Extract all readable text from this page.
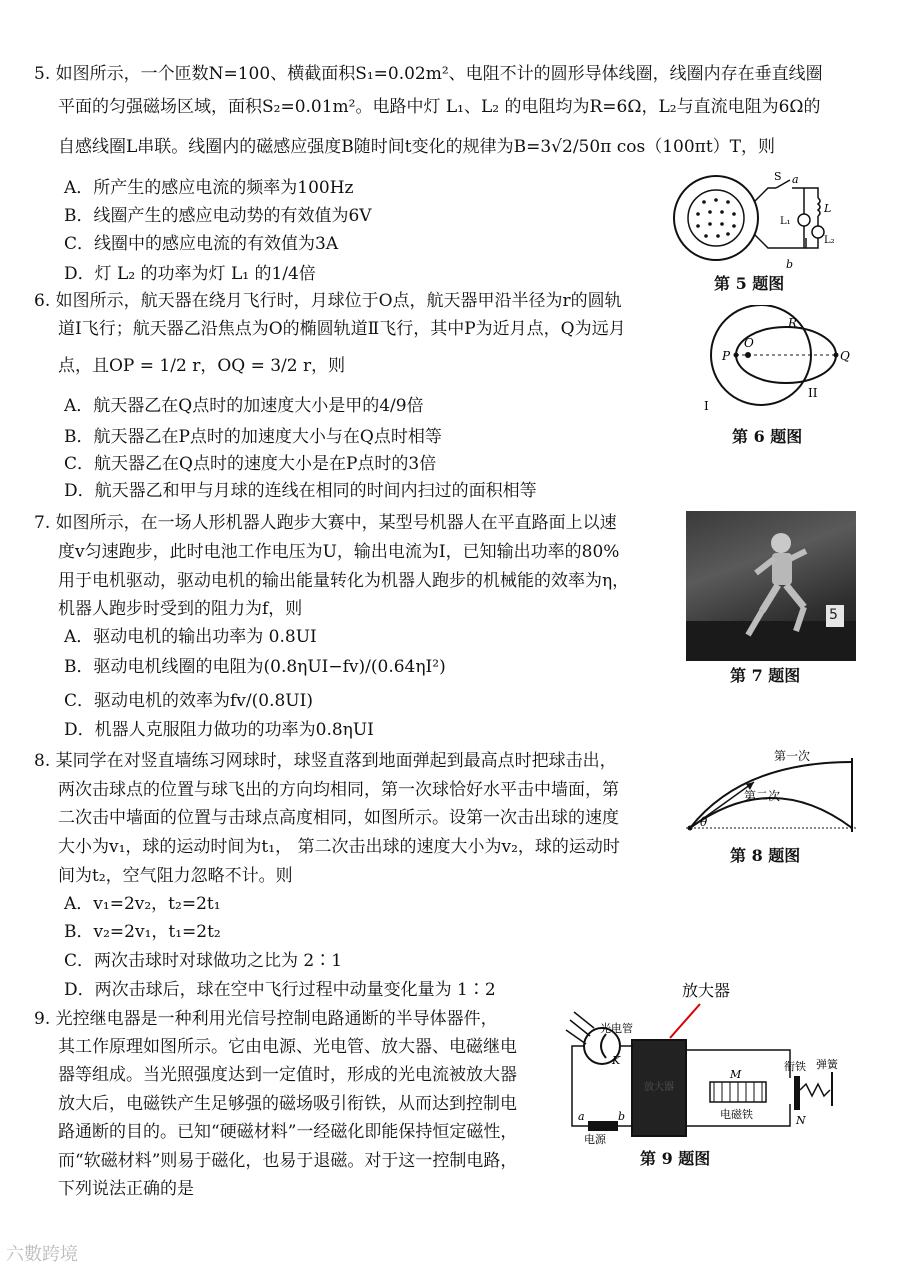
5. 如图所示，一个匝数N=100、横截面积S₁=0.02m²、电阻不计的圆形导体线圈，线圈内存在垂直线圈
平面的匀强磁场区域，面积S₂=0.01m²。电路中灯 L₁、L₂ 的电阻均为R=6Ω，L₂与直流电阻为6Ω的
自感线圈L串联。线圈内的磁感应强度B随时间t变化的规律为B=3√2/50π cos（100πt）T，则
A．所产生的感应电流的频率为100Hz
B．线圈产生的感应电动势的有效值为6V
C．线圈中的感应电流的有效值为3A
D．灯 L₂ 的功率为灯 L₁ 的1/4倍
S a
L
L₂
L₁
b
第 5 题图
6. 如图所示，航天器在绕月飞行时，月球位于O点，航天器甲沿半径为r的圆轨
道Ⅰ飞行；航天器乙沿焦点为O的椭圆轨道Ⅱ飞行，其中P为近月点，Q为远月
点，且OP = 1/2 r，OQ = 3/2 r，则
A．航天器乙在Q点时的加速度大小是甲的4/9倍
B．航天器乙在P点时的加速度大小与在Q点时相等
C．航天器乙在Q点时的速度大小是在P点时的3倍
D．航天器乙和甲与月球的连线在相同的时间内扫过的面积相等
P
O
Q
R
I
II
第 6 题图
7. 如图所示，在一场人形机器人跑步大赛中，某型号机器人在平直路面上以速
度v匀速跑步，此时电池工作电压为U，输出电流为I，已知输出功率的80%
用于电机驱动，驱动电机的输出能量转化为机器人跑步的机械能的效率为η，
机器人跑步时受到的阻力为f，则
A．驱动电机的输出功率为 0.8UI
B．驱动电机线圈的电阻为(0.8ηUI−fv)/(0.64ηI²)
C．驱动电机的效率为fv/(0.8UI)
D．机器人克服阻力做功的功率为0.8ηUI
5
第 7 题图
8. 某同学在对竖直墙练习网球时，球竖直落到地面弹起到最高点时把球击出，
两次击球点的位置与球飞出的方向均相同，第一次球恰好水平击中墙面，第
二次击中墙面的位置与击球点高度相同，如图所示。设第一次击出球的速度
大小为v₁，球的运动时间为t₁， 第二次击出球的速度大小为v₂，球的运动时
间为t₂，空气阻力忽略不计。则
A．v₁=2v₂，t₂=2t₁
B．v₂=2v₁，t₁=2t₂
C．两次击球时对球做功之比为 2∶1
D．两次击球后，球在空中飞行过程中动量变化量为 1∶2
第一次
第二次
θ
第 8 题图
9. 光控继电器是一种利用光信号控制电路通断的半导体器件，
其工作原理如图所示。它由电源、光电管、放大器、电磁继电
器等组成。当光照强度达到一定值时，形成的光电流被放大器
放大后，电磁铁产生足够强的磁场吸引衔铁，从而达到控制电
路通断的目的。已知“硬磁材料”一经磁化即能保持恒定磁性，
而“软磁材料”则易于磁化，也易于退磁。对于这一控制电路，
下列说法正确的是
放大器
光电管
K
放大器
a	b
电源
M
电磁铁
衔铁
N
弹簧
第 9 题图
六數跨境
